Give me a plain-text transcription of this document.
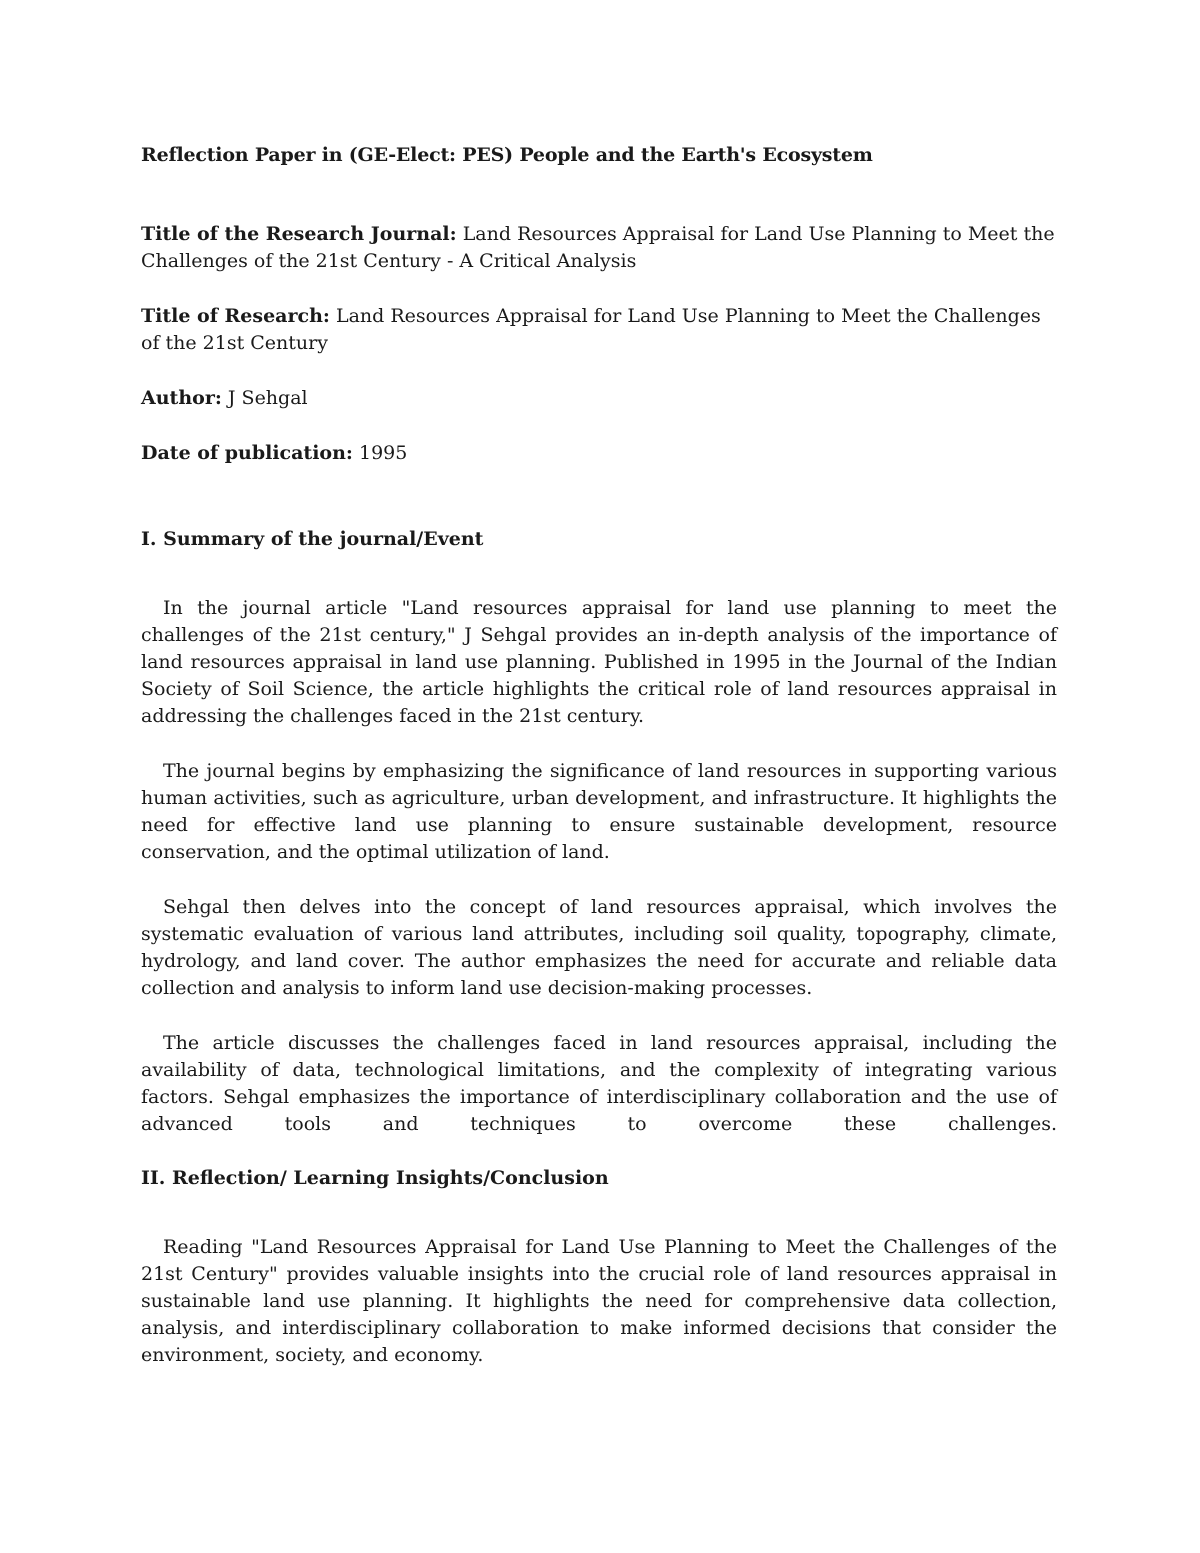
Reflection Paper in (GE-Elect: PES) People and the Earth's Ecosystem
Title of the Research Journal: Land Resources Appraisal for Land Use Planning to Meet the Challenges of the 21st Century - A Critical Analysis
Title of Research: Land Resources Appraisal for Land Use Planning to Meet the Challenges of the 21st Century
Author: J Sehgal
Date of publication: 1995
I. Summary of the journal/Event

In the journal article "Land resources appraisal for land use planning to meet the challenges of the 21st century," J Sehgal provides an in-depth analysis of the importance of land resources appraisal in land use planning. Published in 1995 in the Journal of the Indian Society of Soil Science, the article highlights the critical role of land resources appraisal in addressing the challenges faced in the 21st century.

The journal begins by emphasizing the significance of land resources in supporting various human activities, such as agriculture, urban development, and infrastructure. It highlights the need for effective land use planning to ensure sustainable development, resource conservation, and the optimal utilization of land.

Sehgal then delves into the concept of land resources appraisal, which involves the systematic evaluation of various land attributes, including soil quality, topography, climate, hydrology, and land cover. The author emphasizes the need for accurate and reliable data collection and analysis to inform land use decision-making processes.

The article discusses the challenges faced in land resources appraisal, including the availability of data, technological limitations, and the complexity of integrating various factors. Sehgal emphasizes the importance of interdisciplinary collaboration and the use of advanced tools and techniques to overcome these challenges.

II. Reflection/ Learning Insights/Conclusion

Reading "Land Resources Appraisal for Land Use Planning to Meet the Challenges of the 21st Century" provides valuable insights into the crucial role of land resources appraisal in sustainable land use planning. It highlights the need for comprehensive data collection, analysis, and interdisciplinary collaboration to make informed decisions that consider the environment, society, and economy.
